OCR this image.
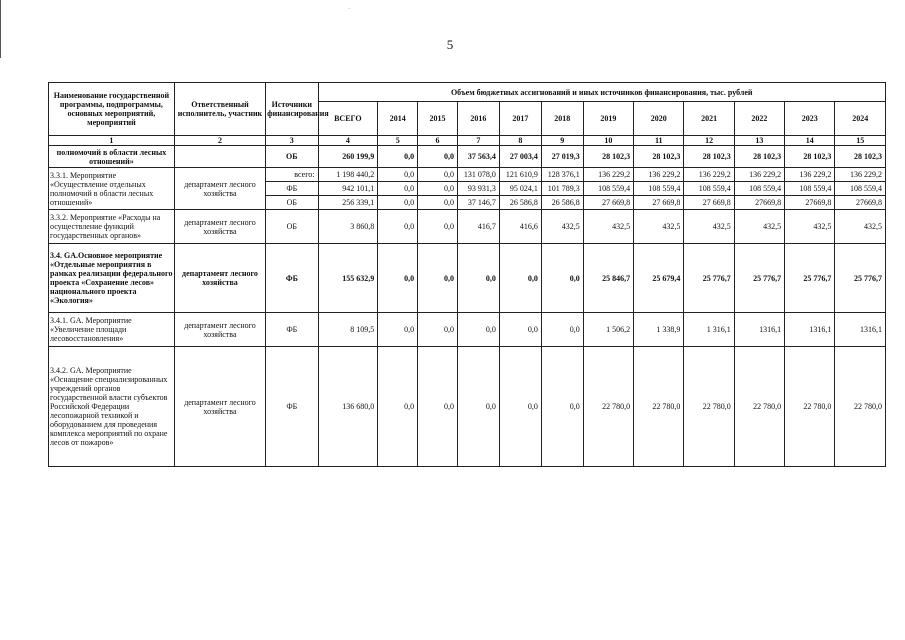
·
5
Наименование государственной программы, подпрограммы, основных мероприятий, мероприятий	Ответственный исполнитель, участник	Источники финансирования	Объем бюджетных ассигнований и иных источников финансирования, тыс. рублей											
			ВСЕГО	2014	2015	2016	2017	2018	2019	2020	2021	2022	2023	2024
1	2	3	4	5	6	7	8	9	10	11	12	13	14	15
полномочий в области лесных отношений»		ОБ	260 199,9	0,0	0,0	37 563,4	27 003,4	27 019,3	28 102,3	28 102,3	28 102,3	28 102,3	28 102,3	28 102,3
3.3.1. Мероприятие «Осуществление отдельных полномочий в области лесных отношений»	департамент лесного хозяйства	всего:	1 198 440,2	0,0	0,0	131 078,0	121 610,9	128 376,1	136 229,2	136 229,2	136 229,2	136 229,2	136 229,2	136 229,2
		ФБ	942 101,1	0,0	0,0	93 931,3	95 024,1	101 789,3	108 559,4	108 559,4	108 559,4	108 559,4	108 559,4	108 559,4
		ОБ	256 339,1	0,0	0,0	37 146,7	26 586,8	26 586,8	27 669,8	27 669,8	27 669,8	27669,8	27669,8	27669,8
3.3.2. Мероприятие «Расходы на осуществление функций государственных органов»	департамент лесного хозяйства	ОБ	3 860,8	0,0	0,0	416,7	416,6	432,5	432,5	432,5	432,5	432,5	432,5	432,5
3.4. GA.Основное мероприятие «Отдельные мероприятия в рамках реализации федерального проекта «Сохранение лесов» национального проекта «Экология»	департамент лесного хозяйства	ФБ	155 632,9	0,0	0,0	0,0	0,0	0,0	25 846,7	25 679,4	25 776,7	25 776,7	25 776,7	25 776,7
3.4.1. GA. Мероприятие «Увеличение площади лесовосстановления»	департамент лесного хозяйства	ФБ	8 109,5	0,0	0,0	0,0	0,0	0,0	1 506,2	1 338,9	1 316,1	1316,1	1316,1	1316,1
3.4.2. GA. Мероприятие «Оснащение специализированных учреждений органов государственной власти субъектов Российской Федерации лесопожарной техникой и оборудованием для проведения комплекса мероприятий по охране лесов от пожаров»	департамент лесного хозяйства	ФБ	136 680,0	0,0	0,0	0,0	0,0	0,0	22 780,0	22 780,0	22 780,0	22 780,0	22 780,0	22 780,0
